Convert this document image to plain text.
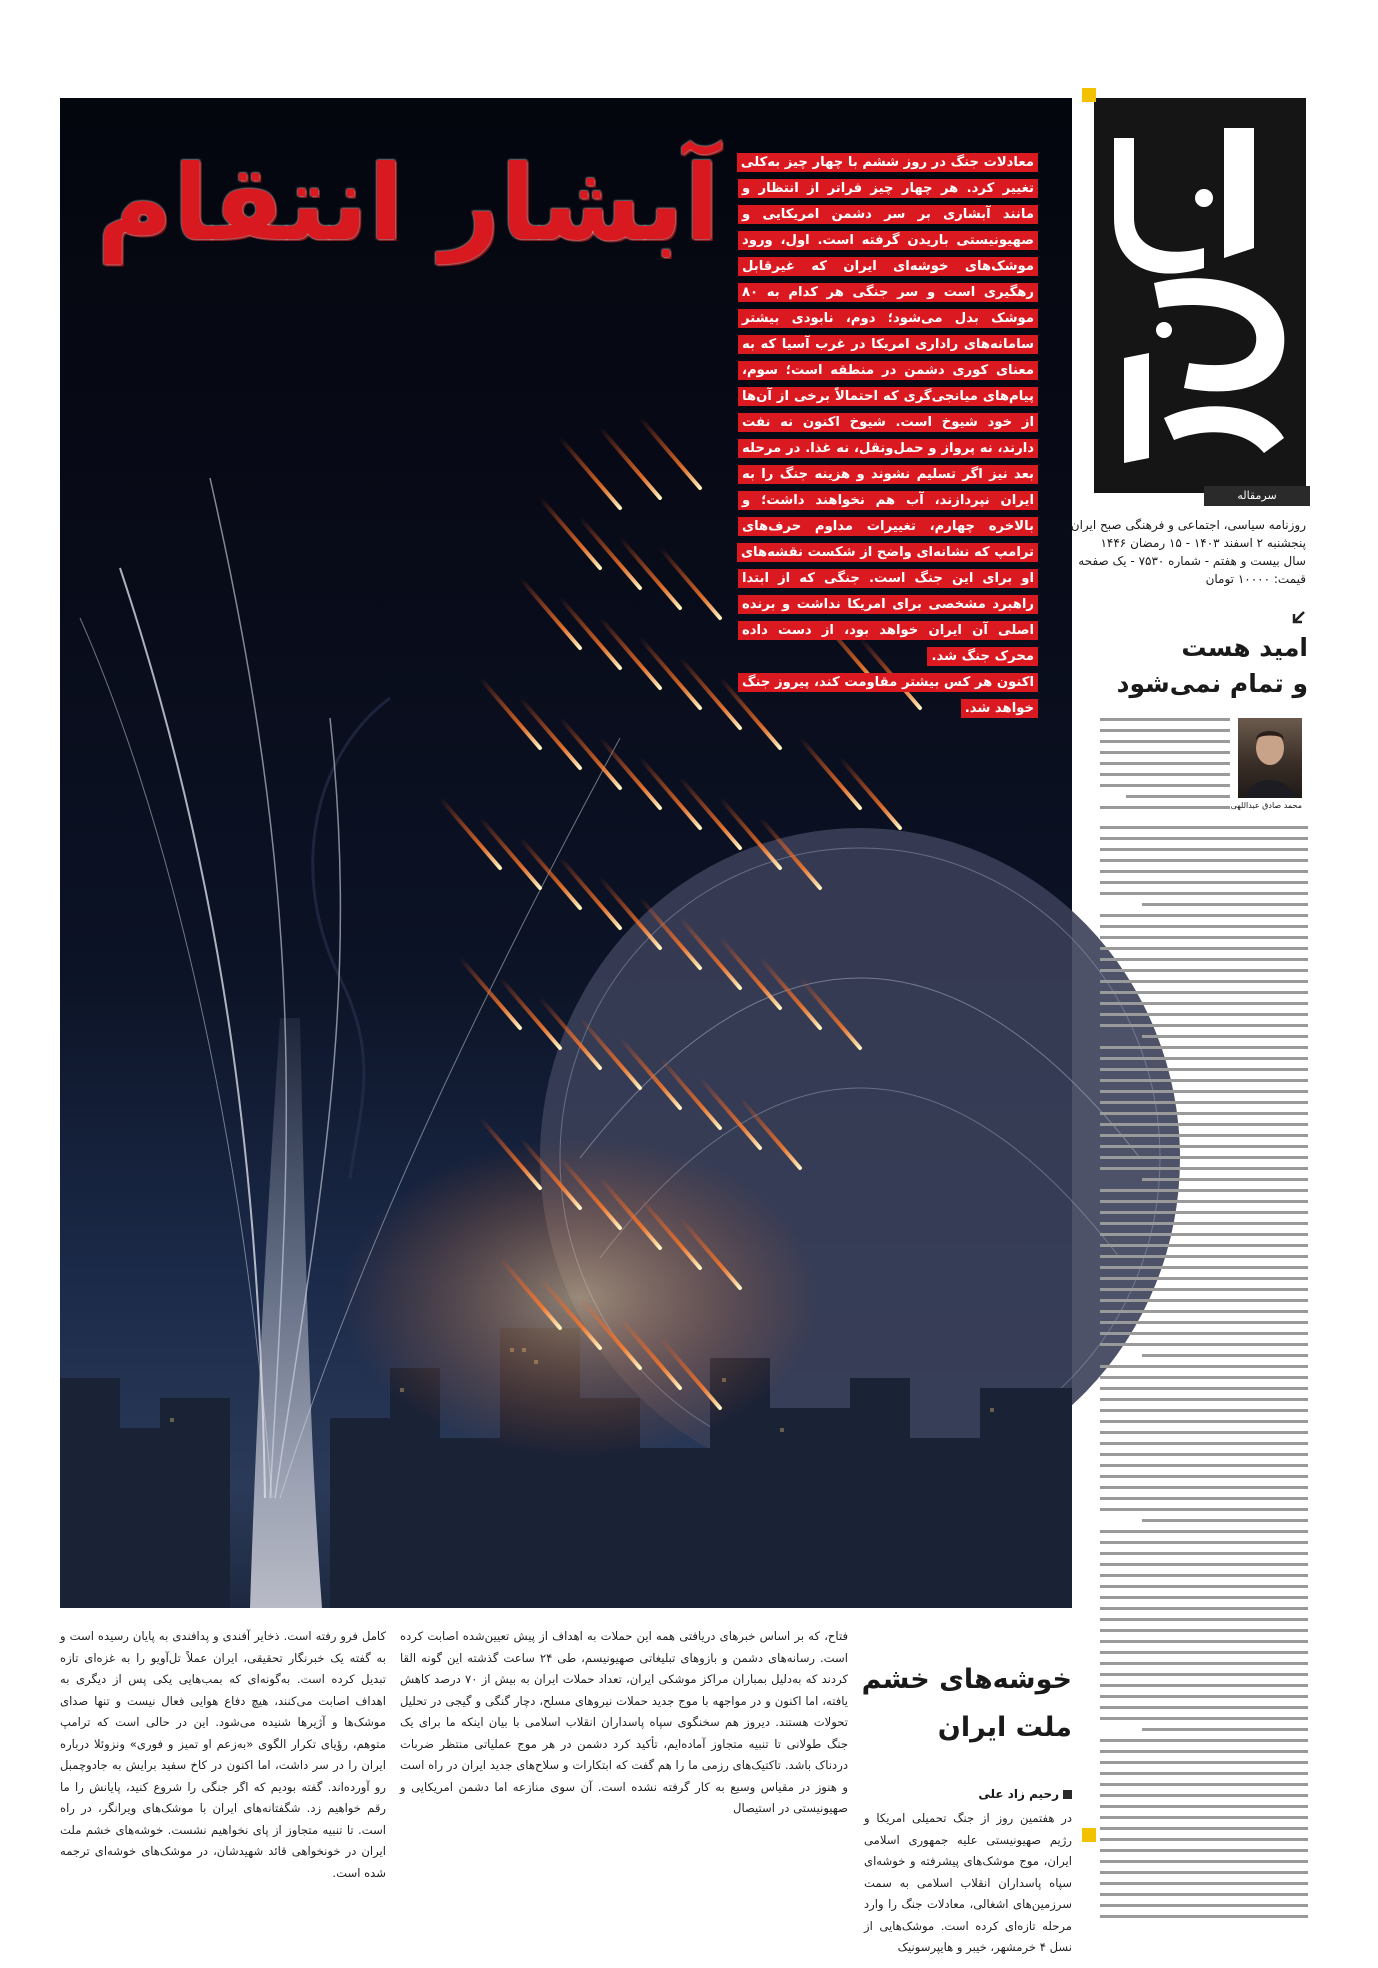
آبشار انتقام	معادلات جنگ در روز ششم با چهار چیز به‌کلی تغییر کرد. هر چهار چیز فراتر از انتظار و مانند آبشاری بر سر دشمن امریکایی و صهیونیستی باریدن گرفته است. اول، ورود موشک‌های خوشه‌ای ایران که غیرقابل رهگیری است و سر جنگی هر کدام به ۸۰ موشک بدل می‌شود؛ دوم، نابودی بیشتر سامانه‌های راداری امریکا در غرب آسیا که به معنای کوری دشمن در منطقه است؛ سوم، پیام‌های میانجی‌گری که احتمالاً برخی از آن‌ها از خود شیوخ است. شیوخ اکنون نه نفت دارند، نه پرواز و حمل‌ونقل، نه غذا. در مرحله بعد نیز اگر تسلیم نشوند و هزینه جنگ را به ایران نپردازند، آب هم نخواهند داشت؛ و بالاخره چهارم، تغییرات مداوم حرف‌های ترامپ که نشانه‌ای واضح از شکست نقشه‌های او برای این جنگ است. جنگی که از ابتدا راهبرد مشخصی برای امریکا نداشت و برنده اصلی آن ایران خواهد بود، از دست داده محرک جنگ شد.

اکنون هر کس بیشتر مقاومت کند، پیروز جنگ خواهد شد.

روزنامه سیاسی، اجتماعی و فرهنگی صبح ایران
پنجشنبه ۲ اسفند ۱۴۰۳ - ۱۵ رمضان ۱۴۴۶
سال بیست و هفتم - شماره ۷۵۳۰ - یک صفحه
قیمت: ۱۰۰۰۰ تومان
سرمقاله
امید هست
و تمام نمی‌شود
محمد صادق عبداللهی
خوشه‌های خشم
ملت ایران
رحیم زاد علی

در هفتمین روز از جنگ تحمیلی امریکا و رژیم صهیونیستی علیه جمهوری اسلامی ایران، موج موشک‌های پیشرفته و خوشه‌ای سپاه پاسداران انقلاب اسلامی به سمت سرزمین‌های اشغالی، معادلات جنگ را وارد مرحله تازه‌ای کرده است. موشک‌هایی از نسل ۴ خرمشهر، خیبر و هایپرسونیک

فتاح، که بر اساس خبرهای دریافتی همه این حملات به اهداف از پیش تعیین‌شده اصابت کرده است. رسانه‌های دشمن و بازوهای تبلیغاتی صهیونیسم، طی ۲۴ ساعت گذشته این گونه القا کردند که به‌دلیل بمباران مراکز موشکی ایران، تعداد حملات ایران به بیش از ۷۰ درصد کاهش یافته، اما اکنون و در مواجهه با موج جدید حملات نیروهای مسلح، دچار گنگی و گیجی در تحلیل تحولات هستند. دیروز هم سخنگوی سپاه پاسداران انقلاب اسلامی با بیان اینکه ما برای یک جنگ طولانی تا تنبیه متجاوز آماده‌ایم، تأکید کرد دشمن در هر موج عملیاتی منتظر ضربات دردناک باشد. تاکتیک‌های رزمی ما را هم گفت که ابتکارات و سلاح‌های جدید ایران در راه است و هنوز در مقیاس وسیع به کار گرفته نشده است. آن سوی منازعه اما دشمن امریکایی و صهیونیستی در استیصال

کامل فرو رفته است. ذخایر آفندی و پدافندی به پایان رسیده است و به گفته یک خبرنگار تحقیقی، ایران عملاً تل‌آویو را به غزه‌ای تازه تبدیل کرده است. به‌گونه‌ای که بمب‌هایی یکی پس از دیگری به اهداف اصابت می‌کنند، هیچ دفاع هوایی فعال نیست و تنها صدای موشک‌ها و آژیرها شنیده می‌شود. این در حالی است که ترامپ متوهم، رؤیای تکرار الگوی «به‌زعم او تمیز و فوری» ونزوئلا درباره ایران را در سر داشت، اما اکنون در کاخ سفید برایش به جادوچمبل رو آورده‌اند. گفته بودیم که اگر جنگی را شروع کنید، پایانش را ما رقم خواهیم زد. شگفتانه‌های ایران با موشک‌های ویرانگر، در راه است. تا تنبیه متجاوز از پای نخواهیم نشست. خوشه‌های خشم ملت ایران در خونخواهی قائد شهیدشان، در موشک‌های خوشه‌ای ترجمه شده است.
